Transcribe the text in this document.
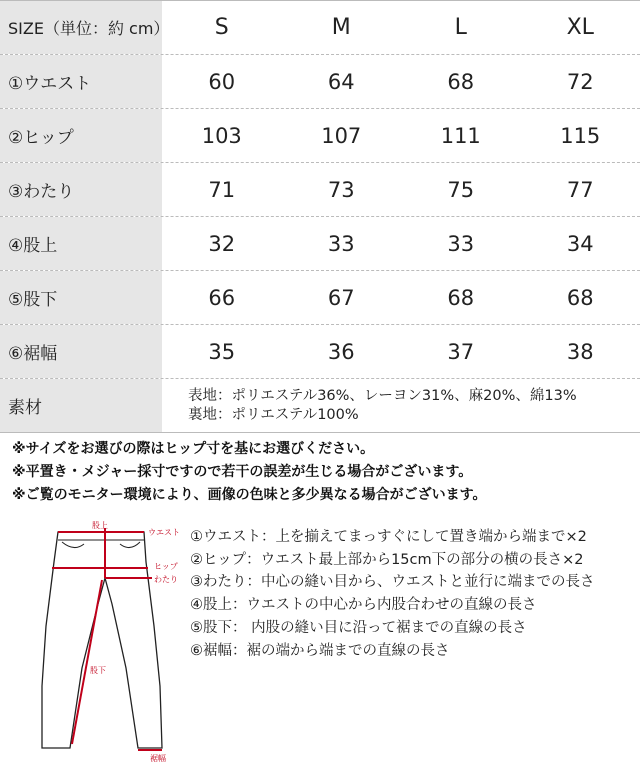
SIZE（単位：約 cm）	S	M	L	XL
①ウエスト	60	64	68	72
②ヒップ	103	107	111	115
③わたり	71	73	75	77
④股上	32	33	33	34
⑤股下	66	67	68	68
⑥裾幅	35	36	37	38
素材
表地：ポリエステル36%、レーヨン31%、麻20%、綿13%
裏地：ポリエステル100%
※サイズをお選びの際はヒップ寸を基にお選びください。
※平置き・メジャー採寸ですので若干の誤差が生じる場合がございます。
※ご覧のモニター環境により、画像の色味と多少異なる場合がございます。
股上
ウエスト
ヒップ
わたり
股下
裾幅
①ウエスト：上を揃えてまっすぐにして置き端から端まで×2
②ヒップ：ウエスト最上部から15cm下の部分の横の長さ×2
③わたり：中心の縫い目から、ウエストと並行に端までの長さ
④股上：ウエストの中心から内股合わせの直線の長さ
⑤股下： 内股の縫い目に沿って裾までの直線の長さ
⑥裾幅：裾の端から端までの直線の長さ
